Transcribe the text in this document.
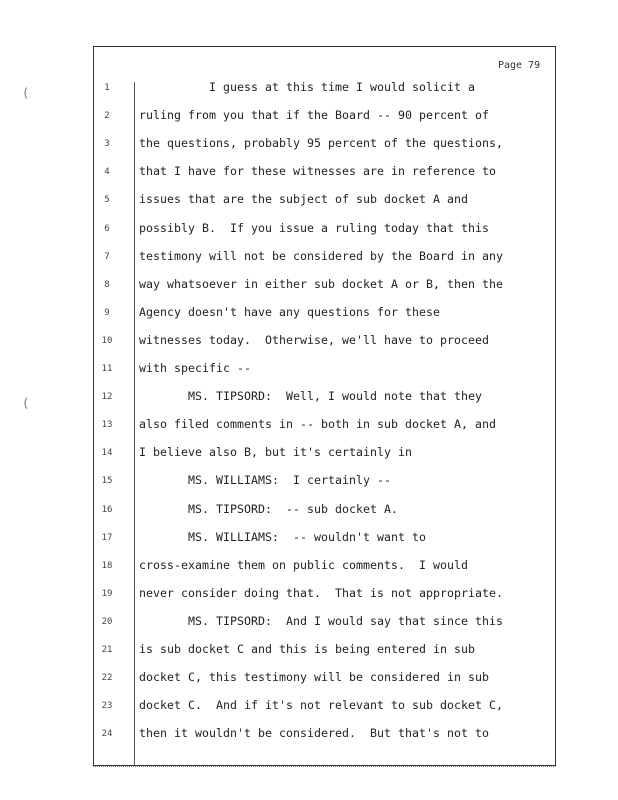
Page 79
(
(
1	I guess at this time I would solicit a
2	ruling from you that if the Board -- 90 percent of
3	the questions, probably 95 percent of the questions,
4	that I have for these witnesses are in reference to
5	issues that are the subject of sub docket A and
6	possibly B.  If you issue a ruling today that this
7	testimony will not be considered by the Board in any
8	way whatsoever in either sub docket A or B, then the
9	Agency doesn't have any questions for these
10	witnesses today.  Otherwise, we'll have to proceed
11	with specific --
12	MS. TIPSORD:  Well, I would note that they
13	also filed comments in -- both in sub docket A, and
14	I believe also B, but it's certainly in
15	MS. WILLIAMS:  I certainly --
16	MS. TIPSORD:  -- sub docket A.
17	MS. WILLIAMS:  -- wouldn't want to
18	cross-examine them on public comments.  I would
19	never consider doing that.  That is not appropriate.
20	MS. TIPSORD:  And I would say that since this
21	is sub docket C and this is being entered in sub
22	docket C, this testimony will be considered in sub
23	docket C.  And if it's not relevant to sub docket C,
24	then it wouldn't be considered.  But that's not to
